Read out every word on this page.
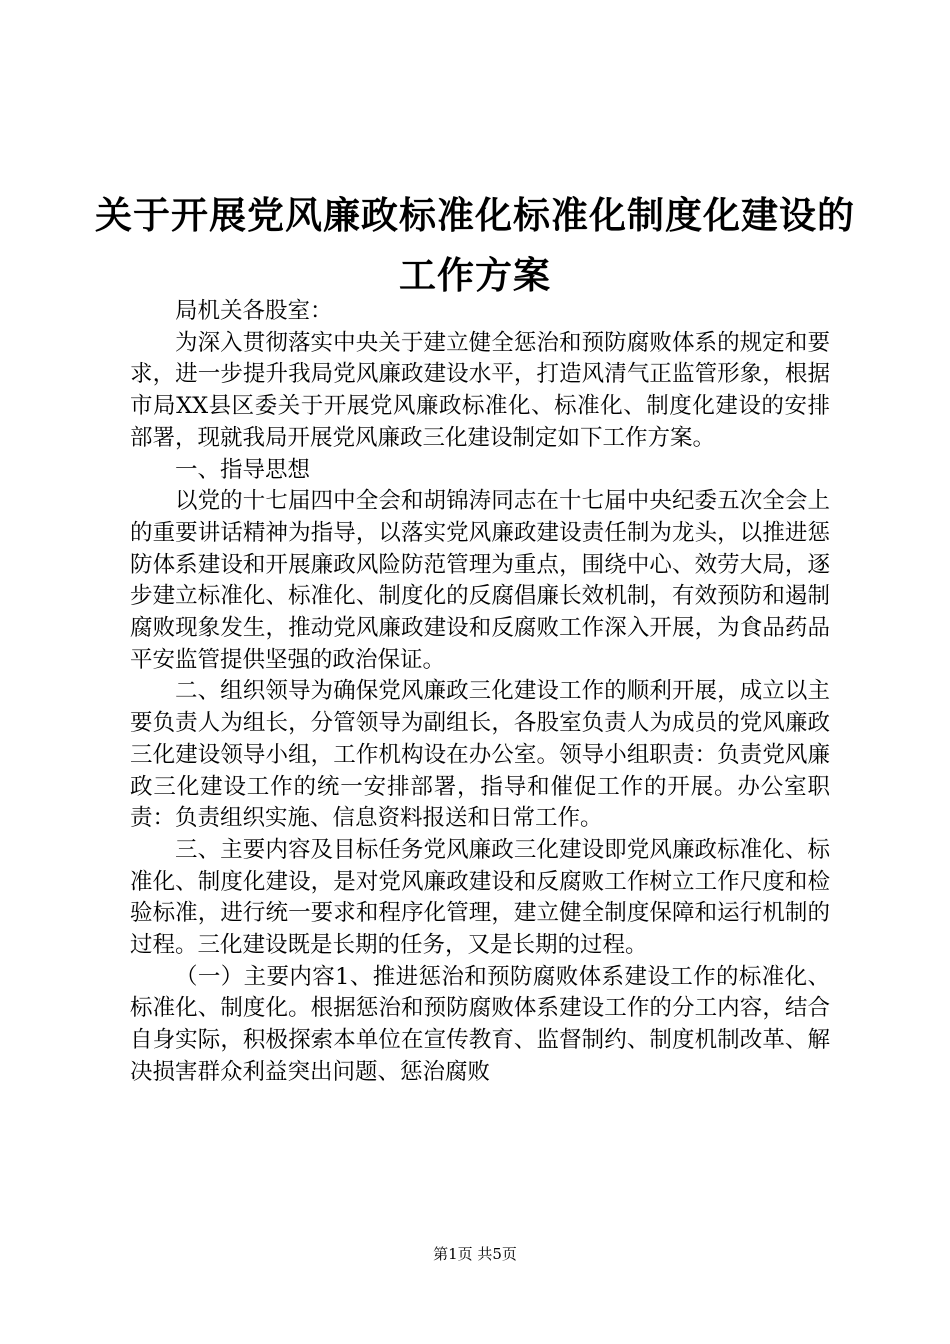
关于开展党风廉政标准化标准化制度化建设的
工作方案

局机关各股室：

为深入贯彻落实中央关于建立健全惩治和预防腐败体系的规定和要求，进一步提升我局党风廉政建设水平，打造风清气正监管形象，根据市局XX县区委关于开展党风廉政标准化、标准化、制度化建设的安排部署，现就我局开展党风廉政三化建设制定如下工作方案。

一、指导思想

以党的十七届四中全会和胡锦涛同志在十七届中央纪委五次全会上的重要讲话精神为指导，以落实党风廉政建设责任制为龙头，以推进惩防体系建设和开展廉政风险防范管理为重点，围绕中心、效劳大局，逐步建立标准化、标准化、制度化的反腐倡廉长效机制，有效预防和遏制腐败现象发生，推动党风廉政建设和反腐败工作深入开展，为食品药品平安监管提供坚强的政治保证。

二、组织领导为确保党风廉政三化建设工作的顺利开展，成立以主要负责人为组长，分管领导为副组长，各股室负责人为成员的党风廉政三化建设领导小组，工作机构设在办公室。领导小组职责：负责党风廉政三化建设工作的统一安排部署，指导和催促工作的开展。办公室职责：负责组织实施、信息资料报送和日常工作。

三、主要内容及目标任务党风廉政三化建设即党风廉政标准化、标准化、制度化建设，是对党风廉政建设和反腐败工作树立工作尺度和检验标准，进行统一要求和程序化管理，建立健全制度保障和运行机制的过程。三化建设既是长期的任务，又是长期的过程。

（一）主要内容1、推进惩治和预防腐败体系建设工作的标准化、标准化、制度化。根据惩治和预防腐败体系建设工作的分工内容，结合自身实际，积极探索本单位在宣传教育、监督制约、制度机制改革、解决损害群众利益突出问题、惩治腐败

第1页 共5页
